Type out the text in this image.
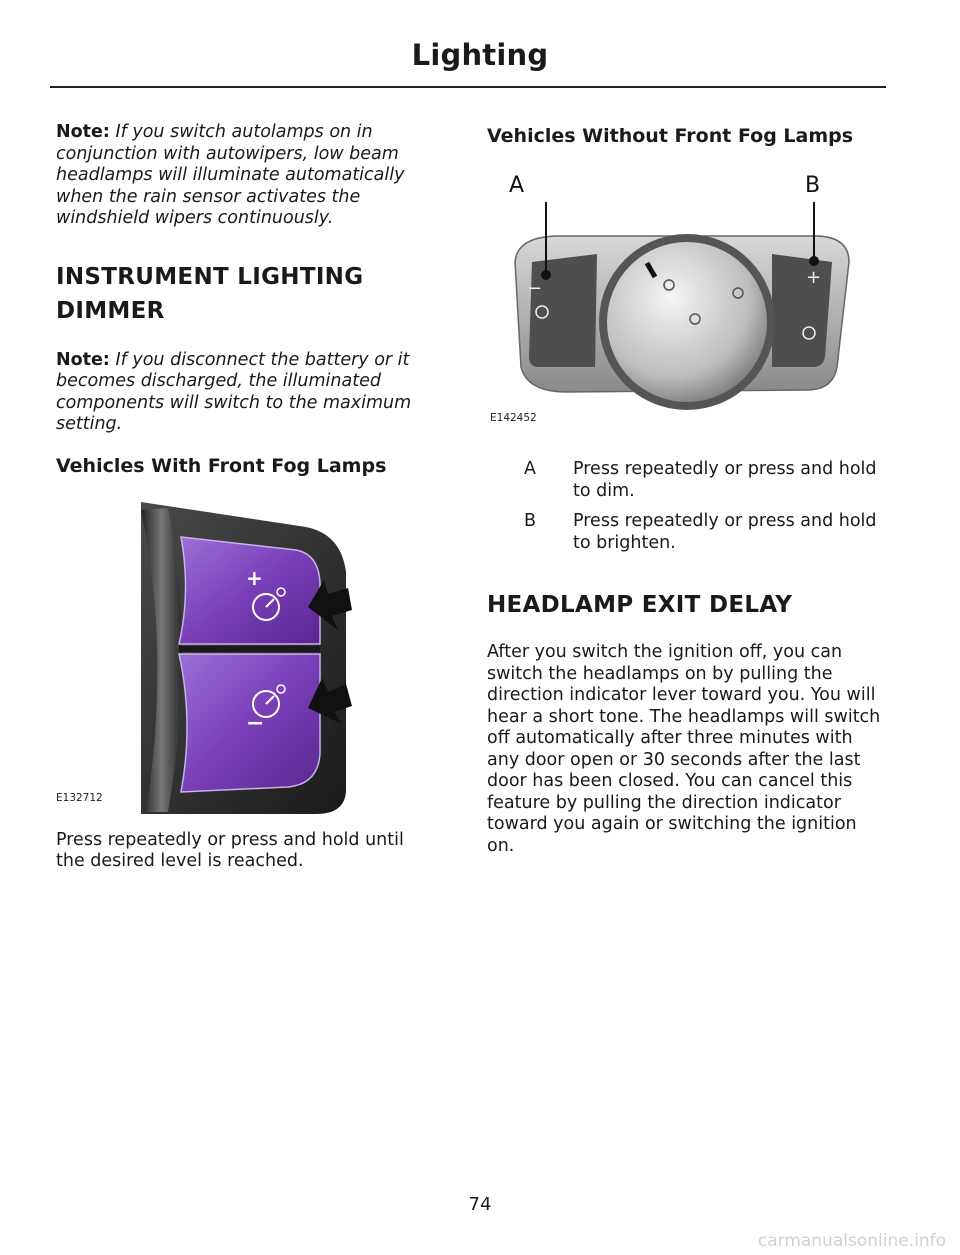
Lighting

Note: If you switch autolamps on in conjunction with autowipers, low beam headlamps will illuminate automatically when the rain sensor activates the windshield wipers continuously.

INSTRUMENT LIGHTING
DIMMER

Note: If you disconnect the battery or it becomes discharged, the illuminated components will switch to the maximum setting.

Vehicles With Front Fog Lamps
+
−
E132712

Press repeatedly or press and hold until the desired level is reached.

Vehicles Without Front Fog Lamps
A	B
−
+
E142452
A	Press repeatedly or press and hold to dim.
B	Press repeatedly or press and hold to brighten.
HEADLAMP EXIT DELAY

After you switch the ignition off, you can switch the headlamps on by pulling the direction indicator lever toward you. You will hear a short tone. The headlamps will switch off automatically after three minutes with any door open or 30 seconds after the last door has been closed. You can cancel this feature by pulling the direction indicator toward you again or switching the ignition on.

74
carmanualsonline.info
